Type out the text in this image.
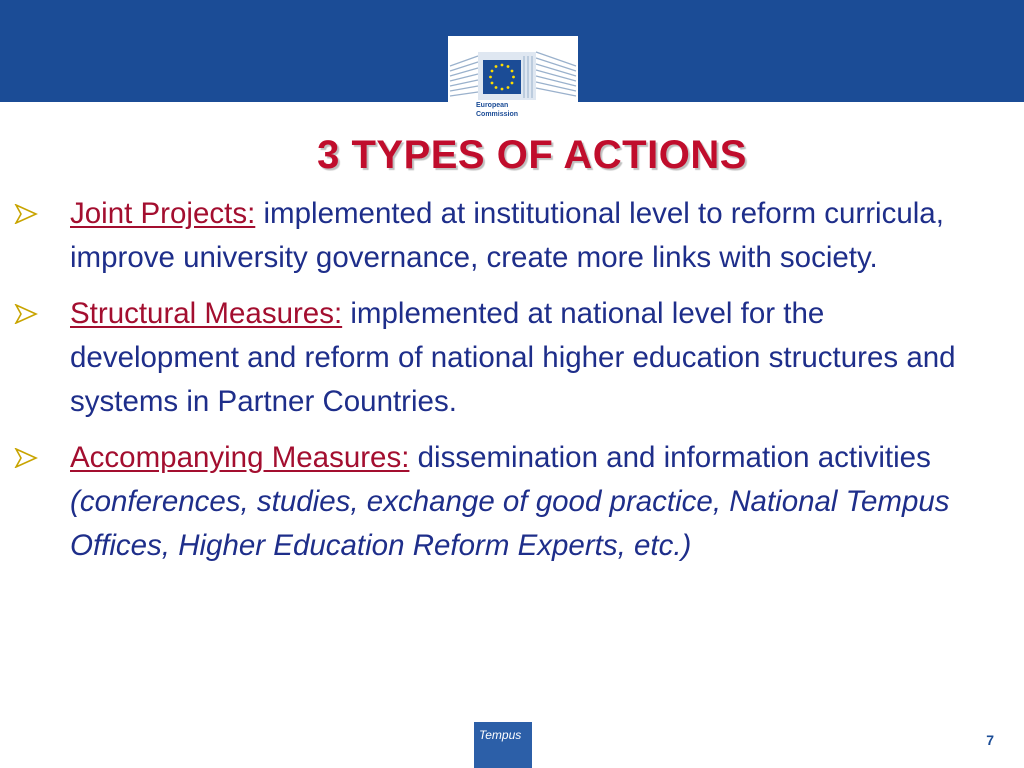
European
Commission
3 TYPES OF ACTIONS
Joint Projects: implemented at institutional level to reform curricula, improve university governance, create more links with society.
Structural Measures: implemented at national level for the development and reform of national higher education structures and systems in Partner Countries.
Accompanying Measures: dissemination and information activities (conferences, studies, exchange of good practice, National Tempus Offices, Higher Education Reform Experts, etc.)
Tempus	7
